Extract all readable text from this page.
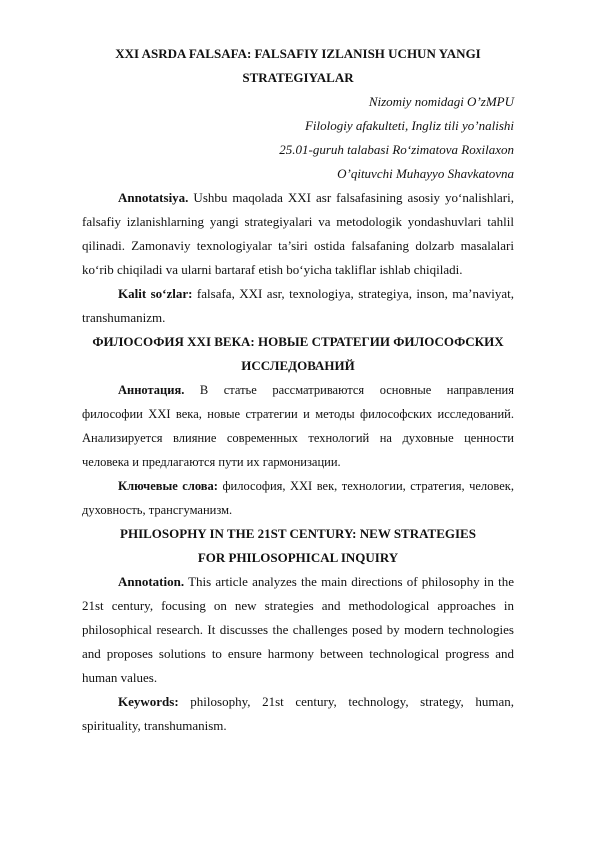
XXI ASRDA FALSAFA: FALSAFIY IZLANISH UCHUN YANGI STRATEGIYALAR
Nizomiy nomidagi O’zMPU
Filologiy afakulteti, Ingliz tili yo’nalishi
25.01-guruh talabasi Ro‘zimatova Roxilaxon
O’qituvchi Muhayyo Shavkatovna

Annotatsiya. Ushbu maqolada XXI asr falsafasining asosiy yo‘nalishlari, falsafiy izlanishlarning yangi strategiyalari va metodologik yondashuvlari tahlil qilinadi. Zamonaviy texnologiyalar ta’siri ostida falsafaning dolzarb masalalari ko‘rib chiqiladi va ularni bartaraf etish bo‘yicha takliflar ishlab chiqiladi.

Kalit so‘zlar: falsafa, XXI asr, texnologiya, strategiya, inson, ma’naviyat, transhumanizm.

ФИЛОСОФИЯ XXI ВЕКА: НОВЫЕ СТРАТЕГИИ ФИЛОСОФСКИХ ИССЛЕДОВАНИЙ

Аннотация. В статье рассматриваются основные направления философии XXI века, новые стратегии и методы философских исследований. Анализируется влияние современных технологий на духовные ценности человека и предлагаются пути их гармонизации.

Ключевые слова: философия, XXI век, технологии, стратегия, человек, духовность, трансгуманизм.

PHILOSOPHY IN THE 21ST CENTURY: NEW STRATEGIES FOR PHILOSOPHICAL INQUIRY

Annotation. This article analyzes the main directions of philosophy in the 21st century, focusing on new strategies and methodological approaches in philosophical research. It discusses the challenges posed by modern technologies and proposes solutions to ensure harmony between technological progress and human values.

Keywords: philosophy, 21st century, technology, strategy, human, spirituality, transhumanism.
